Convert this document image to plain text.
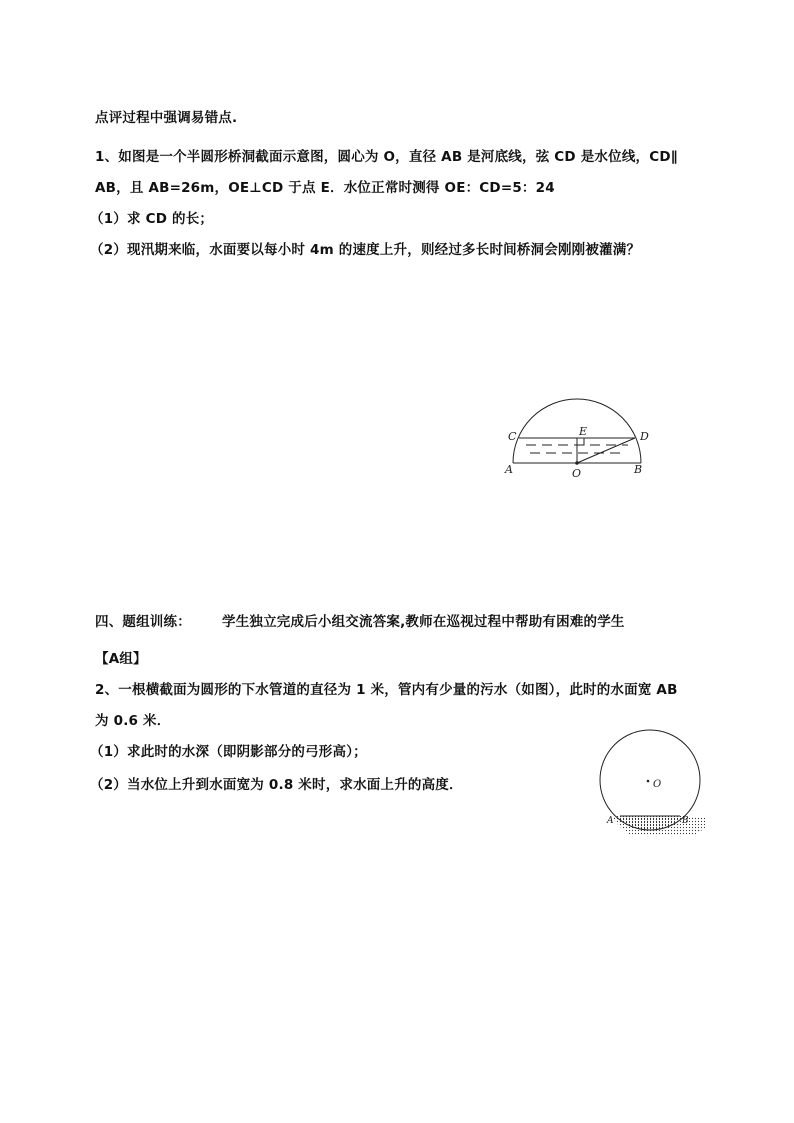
点评过程中强调易错点.
1、如图是一个半圆形桥洞截面示意图，圆心为 O，直径 AB 是河底线，弦 CD 是水位线，CD∥
AB，且 AB=26m，OE⊥CD 于点 E．水位正常时测得 OE：CD=5：24
（1）求 CD 的长；
（2）现汛期来临，水面要以每小时 4m 的速度上升，则经过多长时间桥洞会刚刚被灌满？
C	D
E
A	B
O
四、题组训练： 学生独立完成后小组交流答案,教师在巡视过程中帮助有困难的学生
【A组】
2、一根横截面为圆形的下水管道的直径为 1 米，管内有少量的污水（如图），此时的水面宽 AB
为 0.6 米．
（1）求此时的水深（即阴影部分的弓形高）；
（2）当水位上升到水面宽为 0.8 米时，求水面上升的高度．	O
A	B
